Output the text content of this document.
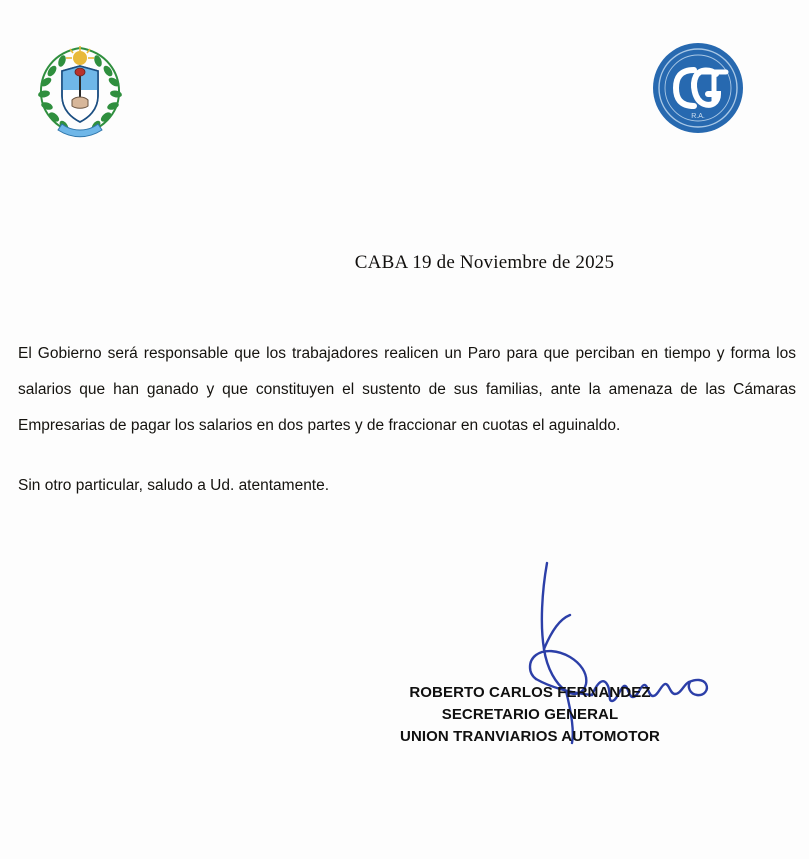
R.A.
CABA 19 de Noviembre de 2025

El Gobierno será responsable que los trabajadores realicen un Paro para que perciban en tiempo y forma los salarios que han ganado y que constituyen el sustento de sus familias, ante la amenaza de las Cámaras Empresarias de pagar los salarios en dos partes y de fraccionar en cuotas el aguinaldo.

Sin otro particular, saludo a Ud. atentamente.

ROBERTO CARLOS FERNANDEZ
SECRETARIO GENERAL
UNION TRANVIARIOS AUTOMOTOR
